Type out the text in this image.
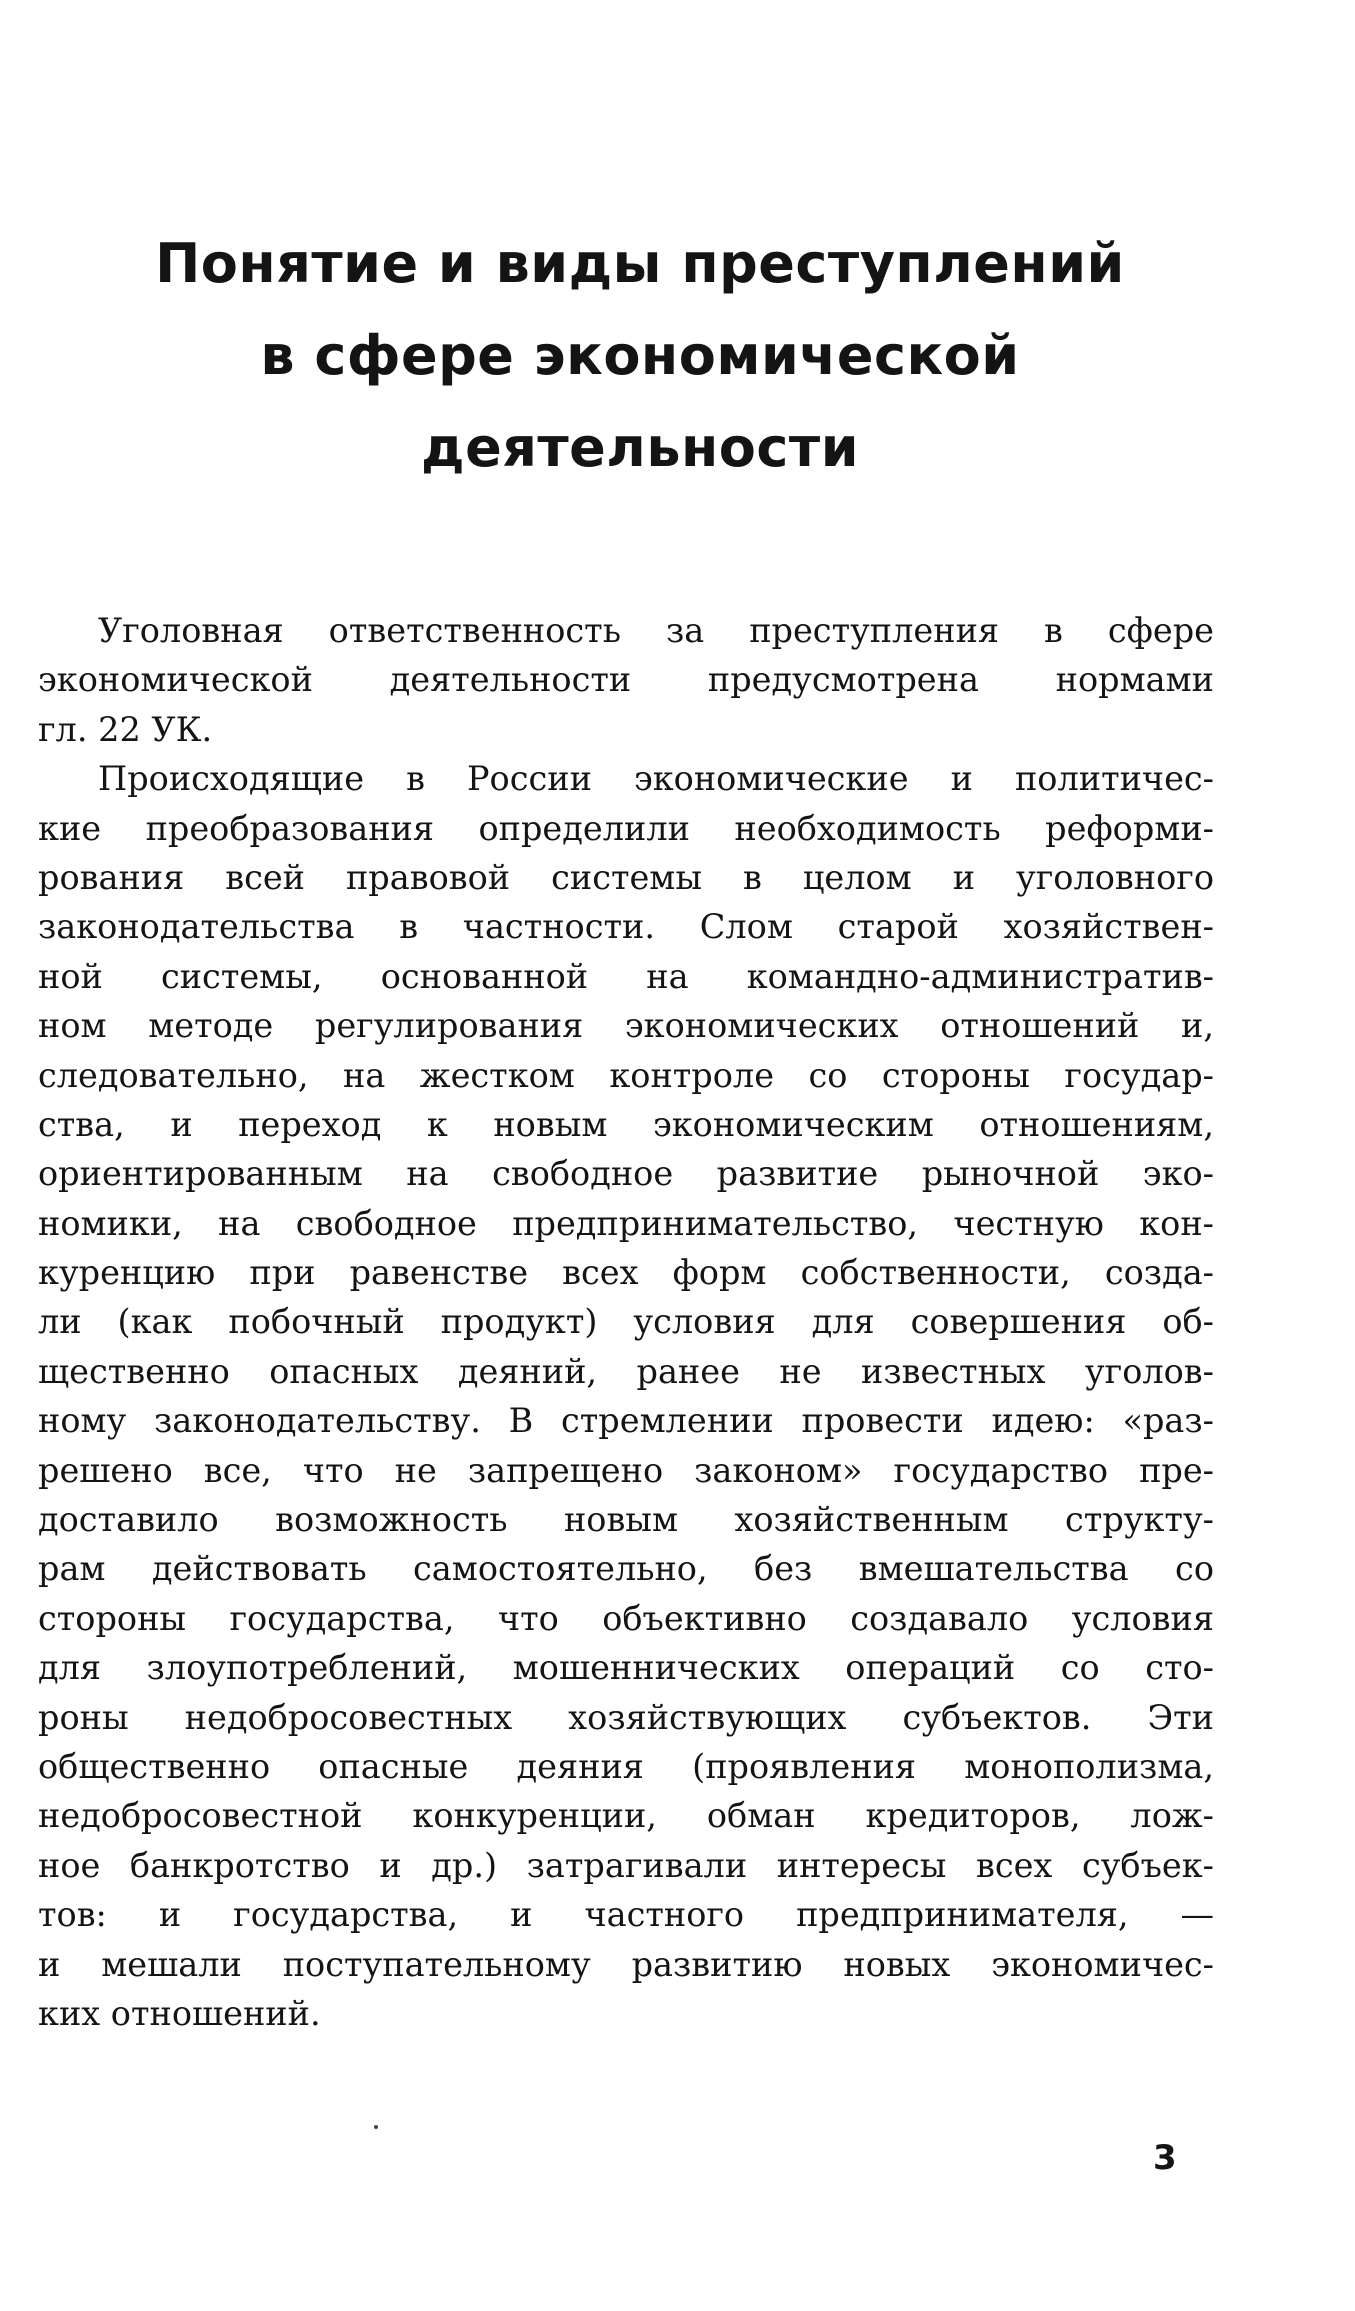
Понятие и виды преступлений
в сфере экономической
деятельности
Уголовная ответственность за преступления в сфере
экономической деятельности предусмотрена нормами
гл. 22 УК.
Происходящие в России экономические и политичес-
кие преобразования определили необходимость реформи-
рования всей правовой системы в целом и уголовного
законодательства в частности. Слом старой хозяйствен-
ной системы, основанной на командно-административ-
ном методе регулирования экономических отношений и,
следовательно, на жестком контроле со стороны государ-
ства, и переход к новым экономическим отношениям,
ориентированным на свободное развитие рыночной эко-
номики, на свободное предпринимательство, честную кон-
куренцию при равенстве всех форм собственности, созда-
ли (как побочный продукт) условия для совершения об-
щественно опасных деяний, ранее не известных уголов-
ному законодательству. В стремлении провести идею: «раз-
решено все, что не запрещено законом» государство пре-
доставило возможность новым хозяйственным структу-
рам действовать самостоятельно, без вмешательства со
стороны государства, что объективно создавало условия
для злоупотреблений, мошеннических операций со сто-
роны недобросовестных хозяйствующих субъектов. Эти
общественно опасные деяния (проявления монополизма,
недобросовестной конкуренции, обман кредиторов, лож-
ное банкротство и др.) затрагивали интересы всех субъек-
тов: и государства, и частного предпринимателя, —
и мешали поступательному развитию новых экономичес-
ких отношений.
3
